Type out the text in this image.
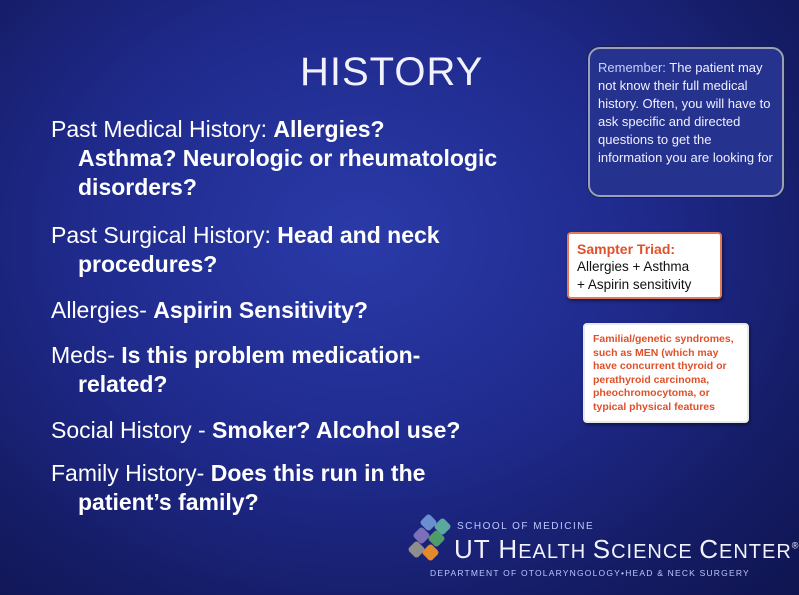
HISTORY
Past Medical History: Allergies?
Asthma? Neurologic or rheumatologic disorders?
Past Surgical History: Head and neck
procedures?
Allergies- Aspirin Sensitivity?
Meds- Is this problem medication-
related?
Social History - Smoker? Alcohol use?
Family History- Does this run in the
patient’s family?
Remember: The patient may not know their full medical history. Often, you will have to ask specific and directed questions to get the information you are looking for
Sampter Triad:
Allergies + Asthma
+ Aspirin sensitivity
Familial/genetic syndromes, such as MEN (which may have concurrent thyroid or perathyroid carcinoma, pheochromocytoma, or typical physical features
SCHOOL OF MEDICINE
UT HEALTH SCIENCE CENTER®
DEPARTMENT OF OTOLARYNGOLOGY•HEAD & NECK SURGERY
